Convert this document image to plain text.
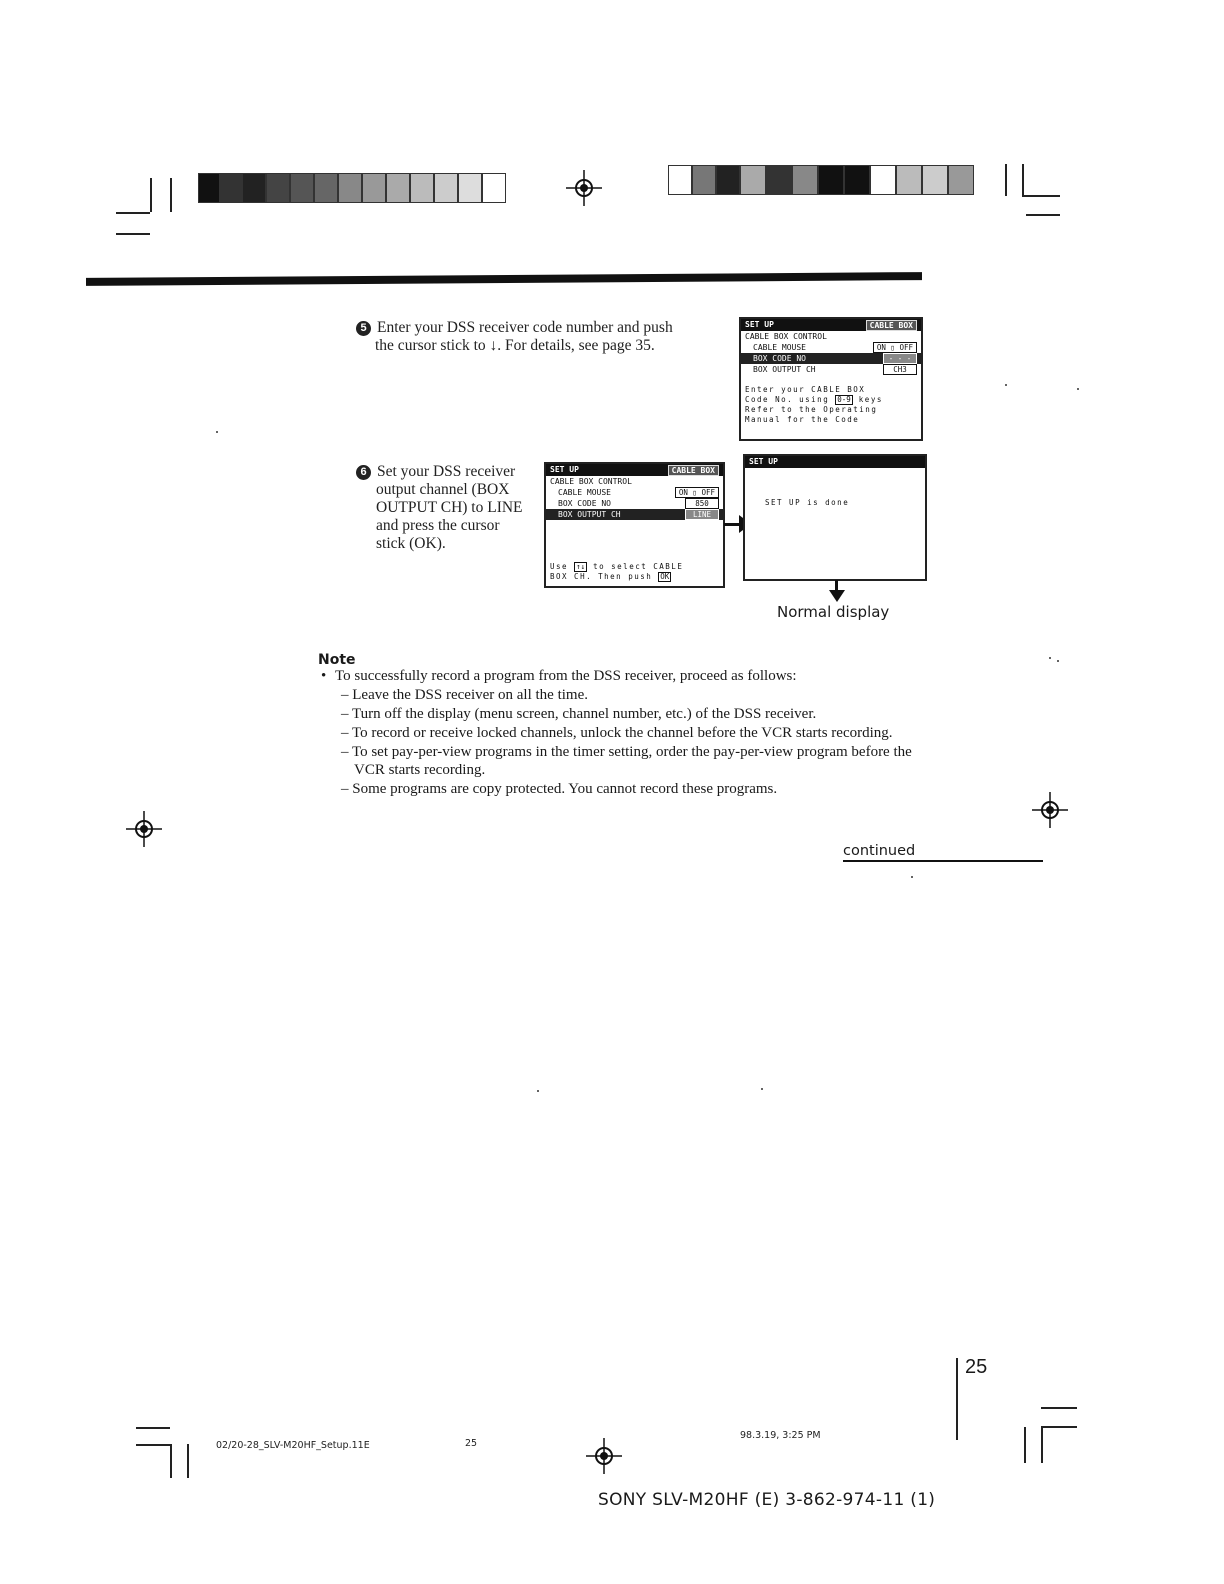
5 Enter your DSS receiver code number and push
the cursor stick to ↓. For details, see page 35.
SET UP	CABLE BOX
CABLE BOX CONTROL
CABLE MOUSE	ON ▯ OFF
BOX CODE NO	- - -
BOX OUTPUT CH	CH3
Enter your CABLE BOX
Code No. using 0-9 keys
Refer to the Operating
Manual for the Code
6 Set your DSS receiver
output channel (BOX
OUTPUT CH) to LINE
and press the cursor
stick (OK).
SET UP	CABLE BOX
CABLE BOX CONTROL
CABLE MOUSE	ON ▯ OFF
BOX CODE NO	850
BOX OUTPUT CH	LINE
Use ↑↓ to select CABLE
BOX CH. Then push OK
SET UP
SET UP is done
Normal display
Note
• To successfully record a program from the DSS receiver, proceed as follows:
– Leave the DSS receiver on all the time.
– Turn off the display (menu screen, channel number, etc.) of the DSS receiver.
– To record or receive locked channels, unlock the channel before the VCR starts recording.
– To set pay-per-view programs in the timer setting, order the pay-per-view program before the VCR starts recording.
– Some programs are copy protected. You cannot record these programs.
continued
25
02/20-28_SLV-M20HF_Setup.11E	25
98.3.19, 3:25 PM
SONY SLV-M20HF (E) 3-862-974-11 (1)
